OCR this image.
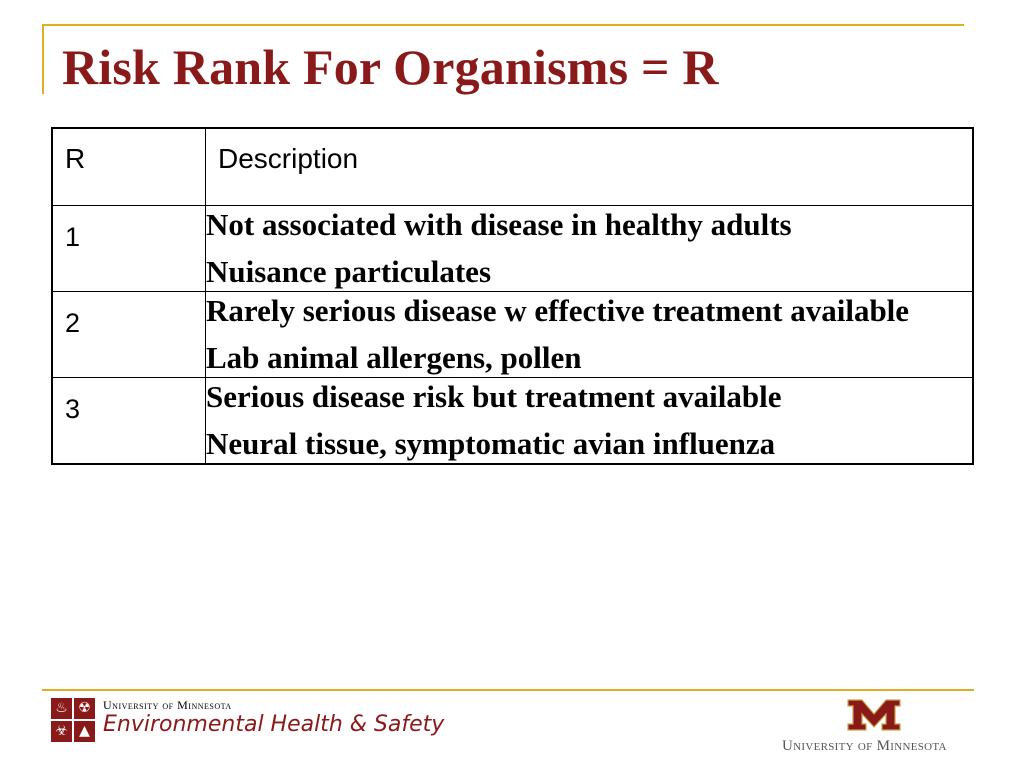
Risk Rank For Organisms = R
R	Description

1	Not associated with disease in healthy adults
Nuisance particulates

2	Rarely serious disease w effective treatment available
Lab animal allergens, pollen

3	Serious disease risk but treatment available
Neural tissue, symptomatic avian influenza
♨ ☢
☣ ▲
University of Minnesota
Environmental Health & Safety
University of Minnesota
